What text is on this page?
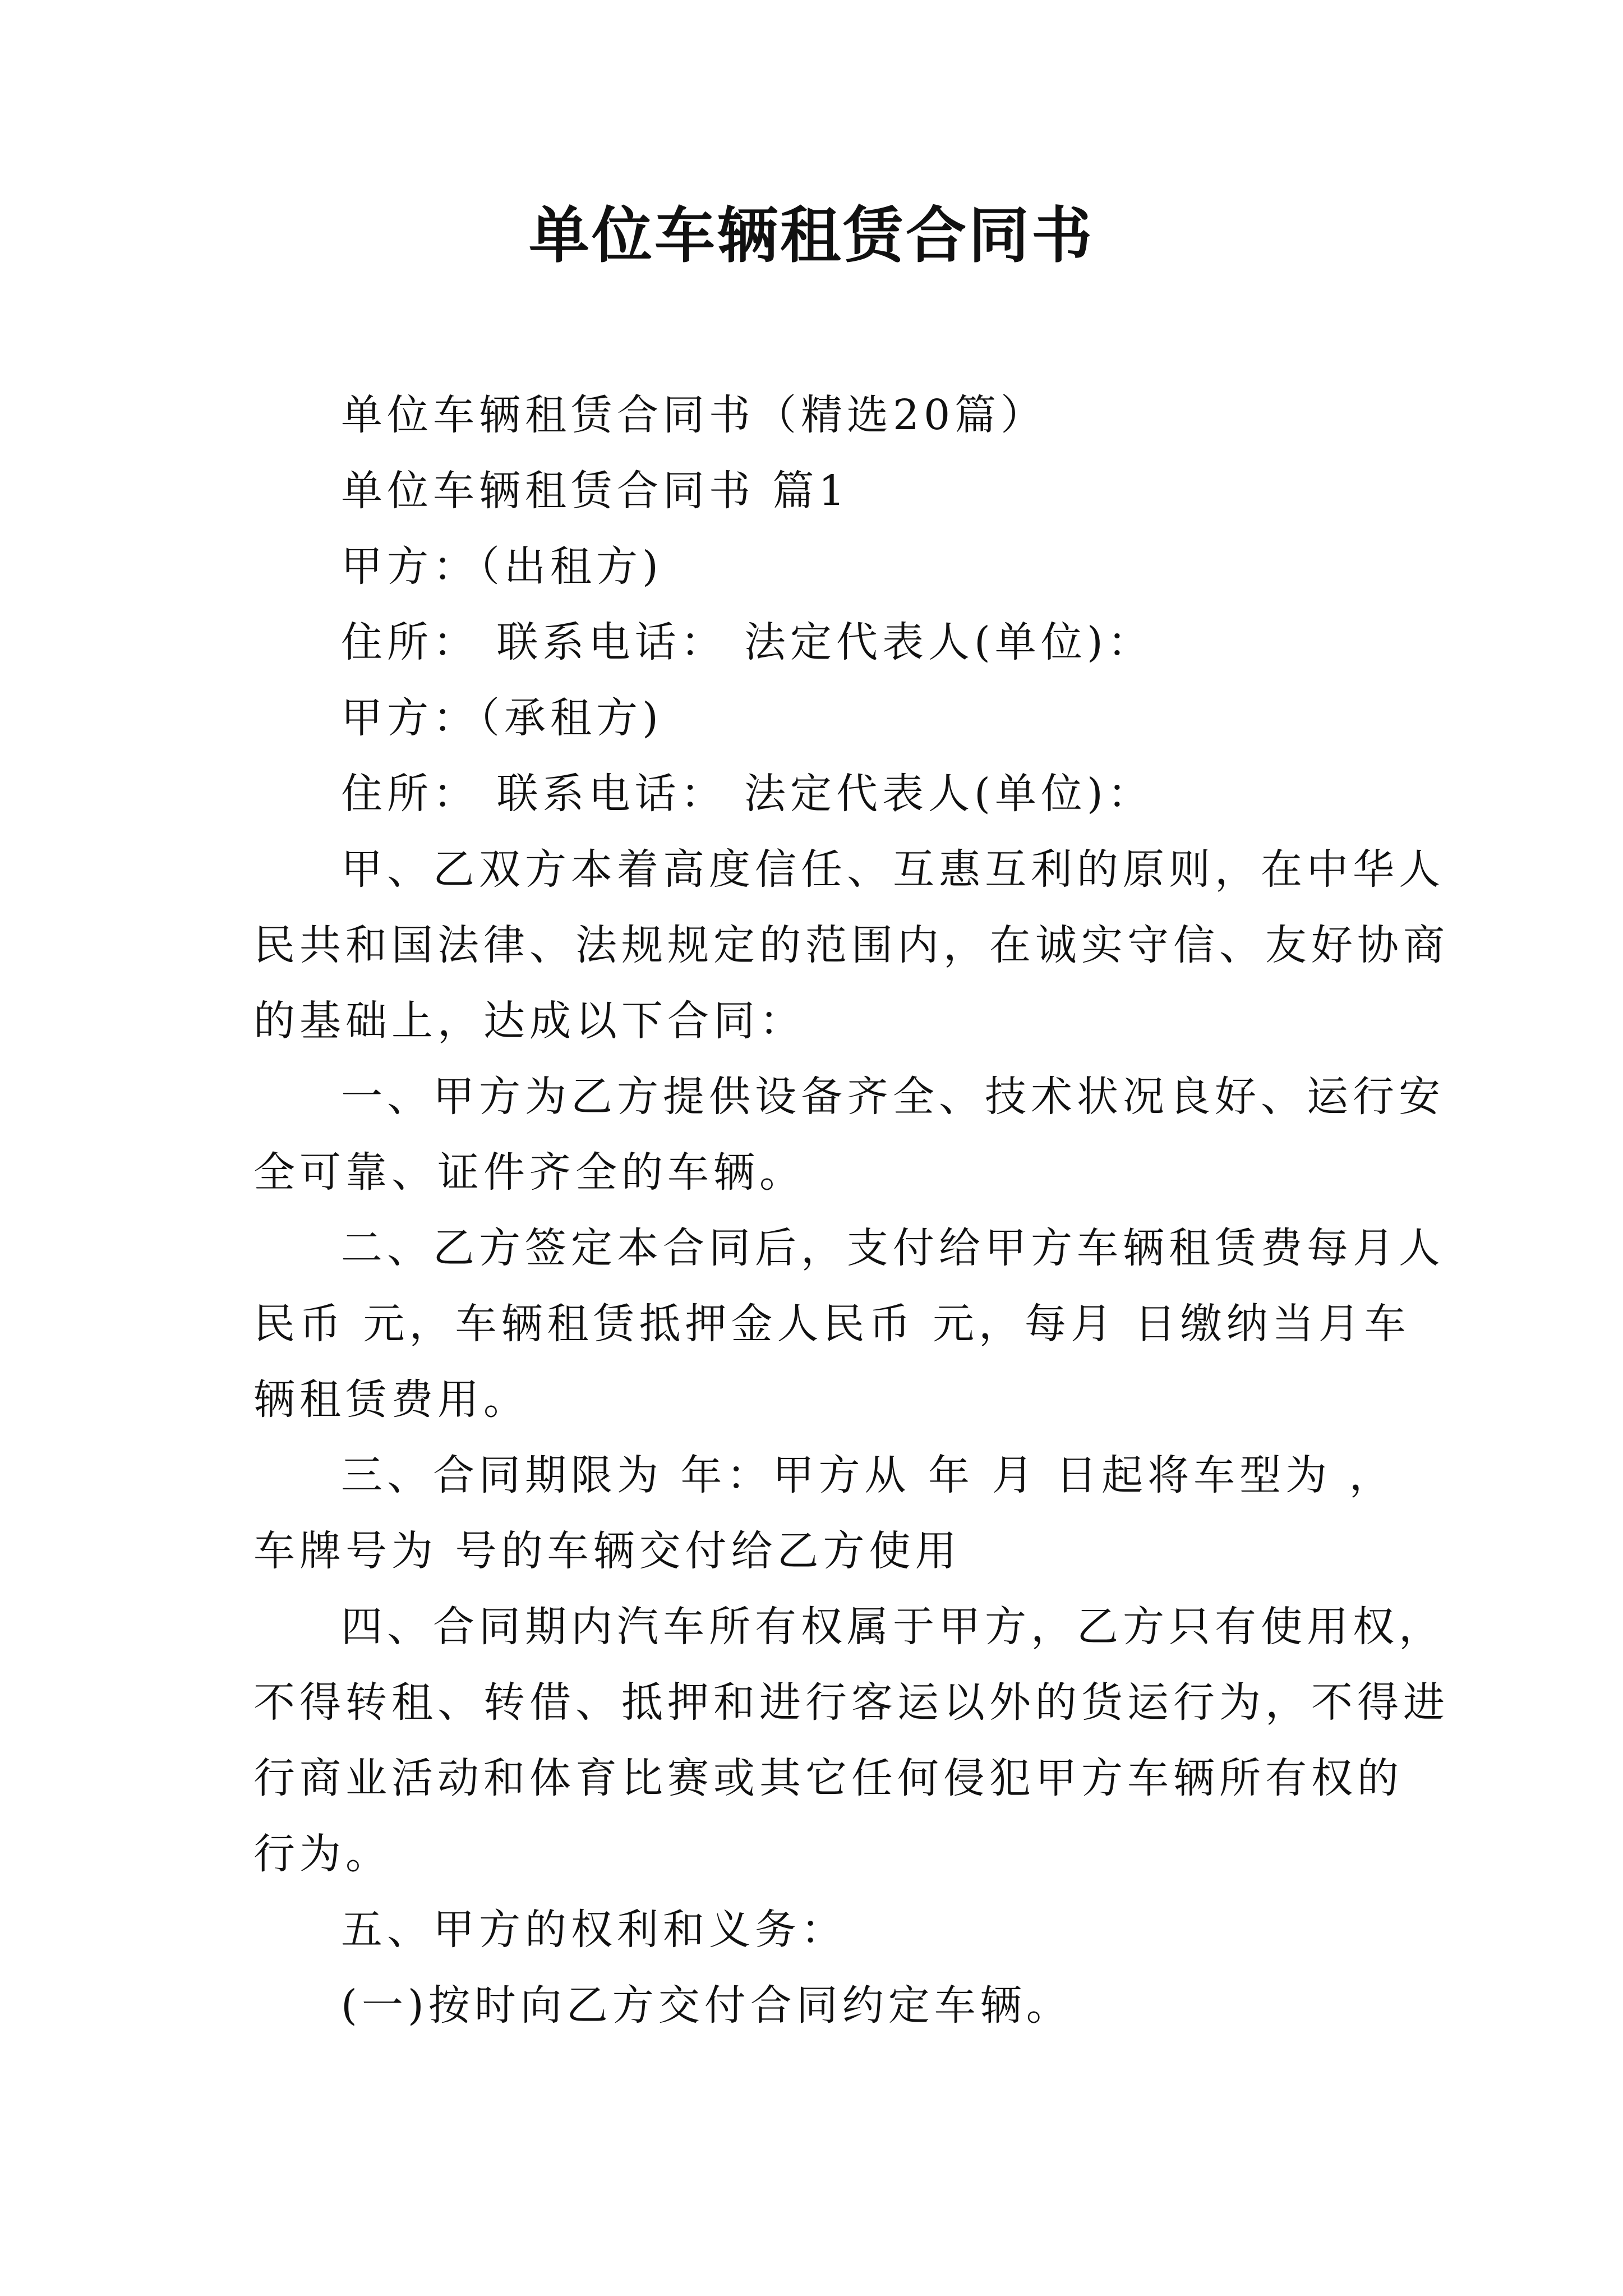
单位车辆租赁合同书
单位车辆租赁合同书（精选20篇）
单位车辆租赁合同书 篇1
甲方：（出租方)
住所： 联系电话： 法定代表人(单位)：
甲方：（承租方)
住所： 联系电话： 法定代表人(单位)：
甲、乙双方本着高度信任、互惠互利的原则，在中华人
民共和国法律、法规规定的范围内，在诚实守信、友好协商
的基础上，达成以下合同：
一、甲方为乙方提供设备齐全、技术状况良好、运行安
全可靠、证件齐全的车辆。
二、乙方签定本合同后，支付给甲方车辆租赁费每月人
民币 元，车辆租赁抵押金人民币 元，每月 日缴纳当月车
辆租赁费用。
三、合同期限为 年：甲方从 年 月 日起将车型为 ，
车牌号为 号的车辆交付给乙方使用
四、合同期内汽车所有权属于甲方，乙方只有使用权，
不得转租、转借、抵押和进行客运以外的货运行为，不得进
行商业活动和体育比赛或其它任何侵犯甲方车辆所有权的
行为。
五、甲方的权利和义务：
(一)按时向乙方交付合同约定车辆。
